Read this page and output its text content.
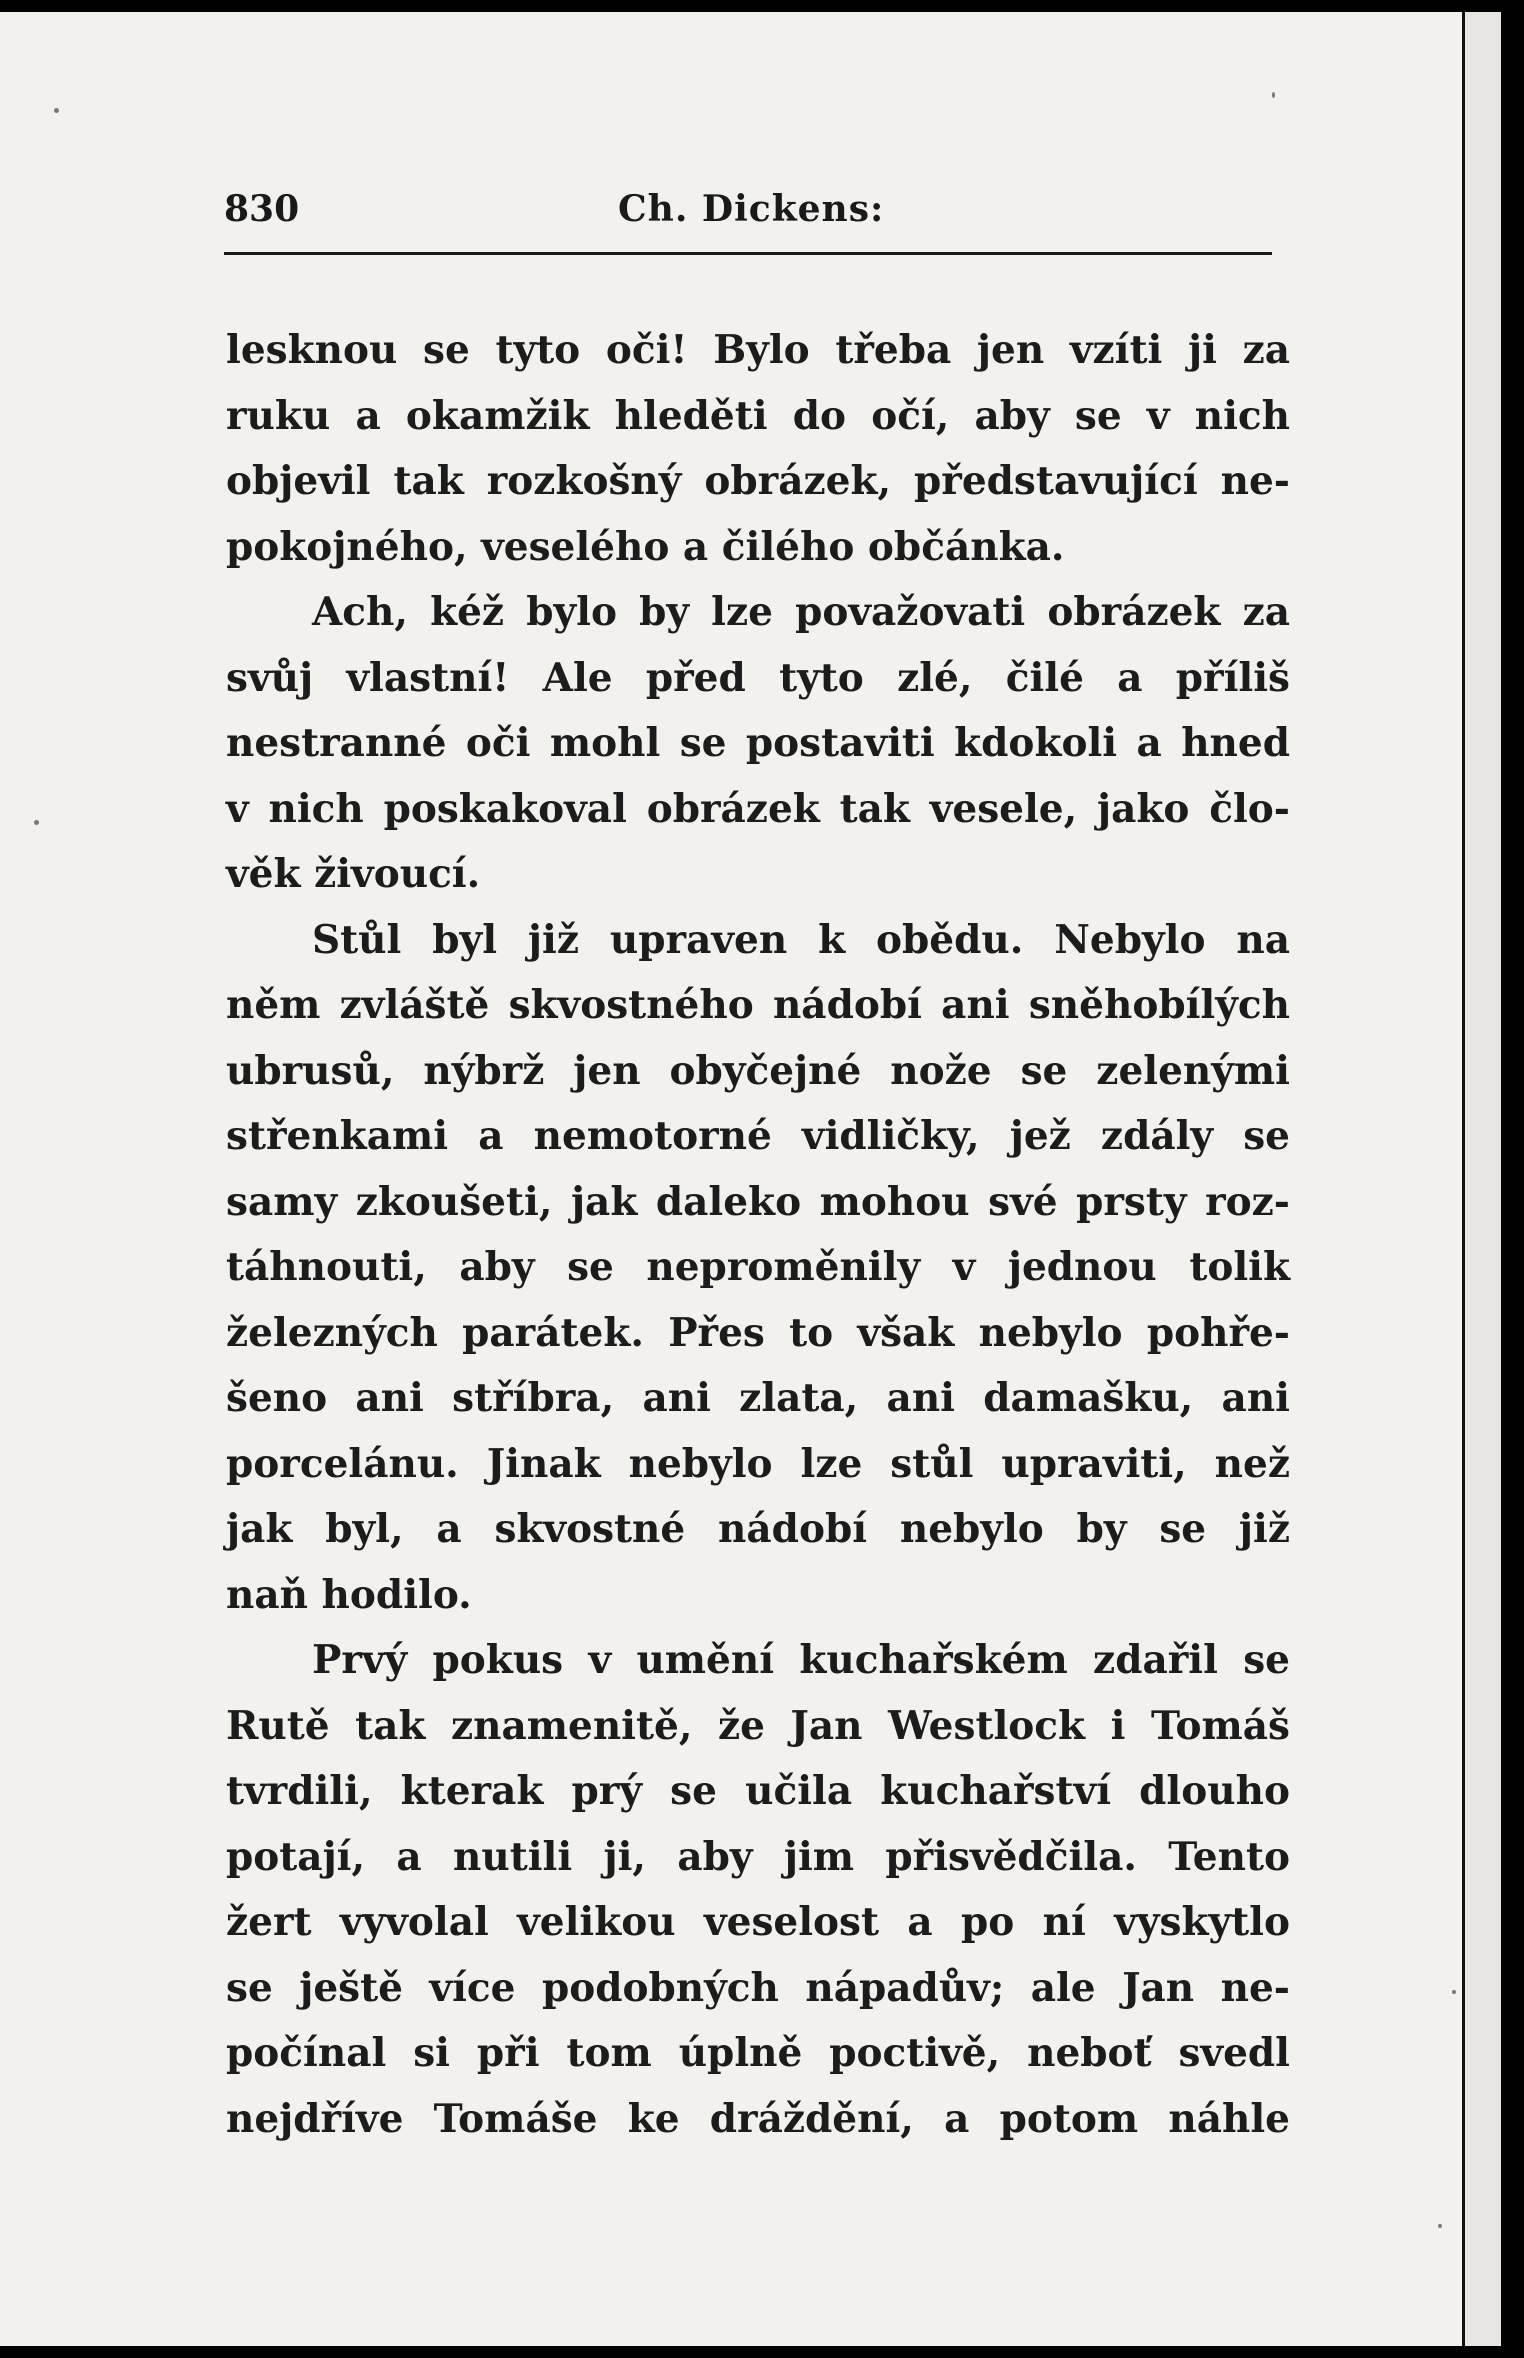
830	Ch. Dickens:
lesknou se tyto oči! Bylo třeba jen vzíti ji za
ruku a okamžik hleděti do očí, aby se v nich
objevil tak rozkošný obrázek, představující ne-
pokojného, veselého a čilého občánka.
Ach, kéž bylo by lze považovati obrázek za
svůj vlastní! Ale před tyto zlé, čilé a příliš
nestranné oči mohl se postaviti kdokoli a hned
v nich poskakoval obrázek tak vesele, jako člo-
věk živoucí.
Stůl byl již upraven k obědu. Nebylo na
něm zvláště skvostného nádobí ani sněhobílých
ubrusů, nýbrž jen obyčejné nože se zelenými
střenkami a nemotorné vidličky, jež zdály se
samy zkoušeti, jak daleko mohou své prsty roz-
táhnouti, aby se neproměnily v jednou tolik
železných parátek. Přes to však nebylo pohře-
šeno ani stříbra, ani zlata, ani damašku, ani
porcelánu. Jinak nebylo lze stůl upraviti, než
jak byl, a skvostné nádobí nebylo by se již
naň hodilo.
Prvý pokus v umění kuchařském zdařil se
Rutě tak znamenitě, že Jan Westlock i Tomáš
tvrdili, kterak prý se učila kuchařství dlouho
potají, a nutili ji, aby jim přisvědčila. Tento
žert vyvolal velikou veselost a po ní vyskytlo
se ještě více podobných nápadův; ale Jan ne-
počínal si při tom úplně poctivě, neboť svedl
nejdříve Tomáše ke dráždění, a potom náhle
